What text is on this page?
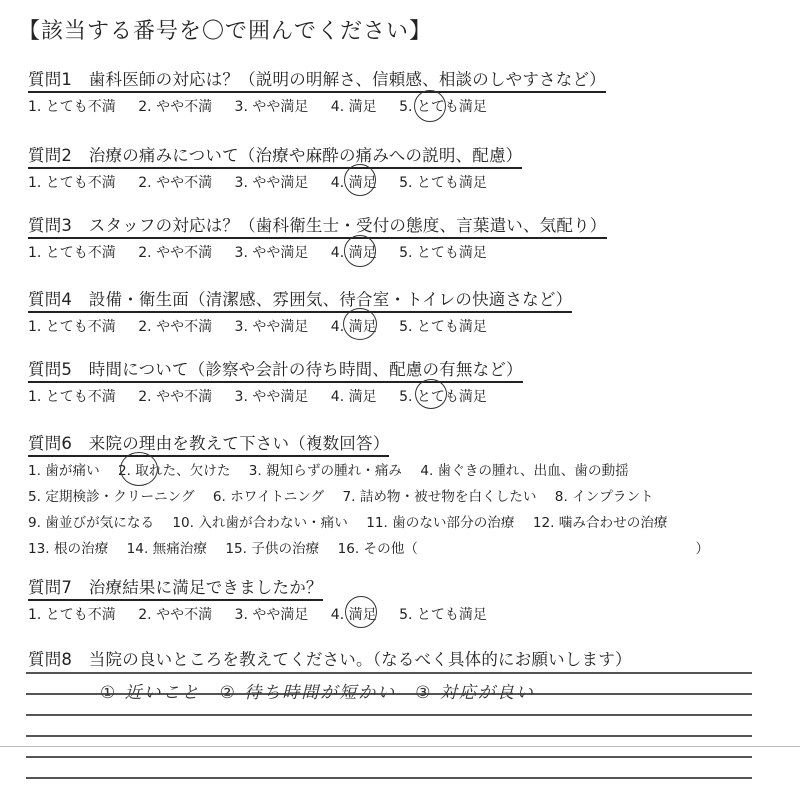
【該当する番号を〇で囲んでください】
質問1　歯科医師の対応は？（説明の明解さ、信頼感、相談のしやすさなど）
1. とても不満 2. やや不満 3. やや満足 4. 満足 5. とても満足
質問2　治療の痛みについて（治療や麻酔の痛みへの説明、配慮）
1. とても不満 2. やや不満 3. やや満足 4. 満足 5. とても満足
質問3　スタッフの対応は？（歯科衛生士・受付の態度、言葉遣い、気配り）
1. とても不満 2. やや不満 3. やや満足 4. 満足 5. とても満足
質問4　設備・衛生面（清潔感、雰囲気、待合室・トイレの快適さなど）
1. とても不満 2. やや不満 3. やや満足 4. 満足 5. とても満足
質問5　時間について（診察や会計の待ち時間、配慮の有無など）
1. とても不満 2. やや不満 3. やや満足 4. 満足 5. とても満足
質問6　来院の理由を教えて下さい（複数回答）
1. 歯が痛い 2. 取れた、欠けた 3. 親知らずの腫れ・痛み 4. 歯ぐきの腫れ、出血、歯の動揺
5. 定期検診・クリーニング 6. ホワイトニング 7. 詰め物・被せ物を白くしたい 8. インプラント
9. 歯並びが気になる 10. 入れ歯が合わない・痛い 11. 歯のない部分の治療 12. 噛み合わせの治療
13. 根の治療 14. 無痛治療 15. 子供の治療 16. その他（	）
質問7　治療結果に満足できましたか？
1. とても不満 2. やや不満 3. やや満足 4. 満足 5. とても満足
質問8　当院の良いところを教えてください。（なるべく具体的にお願いします）
① 近いこと　② 待ち時間が短かい　③ 対応が良い
